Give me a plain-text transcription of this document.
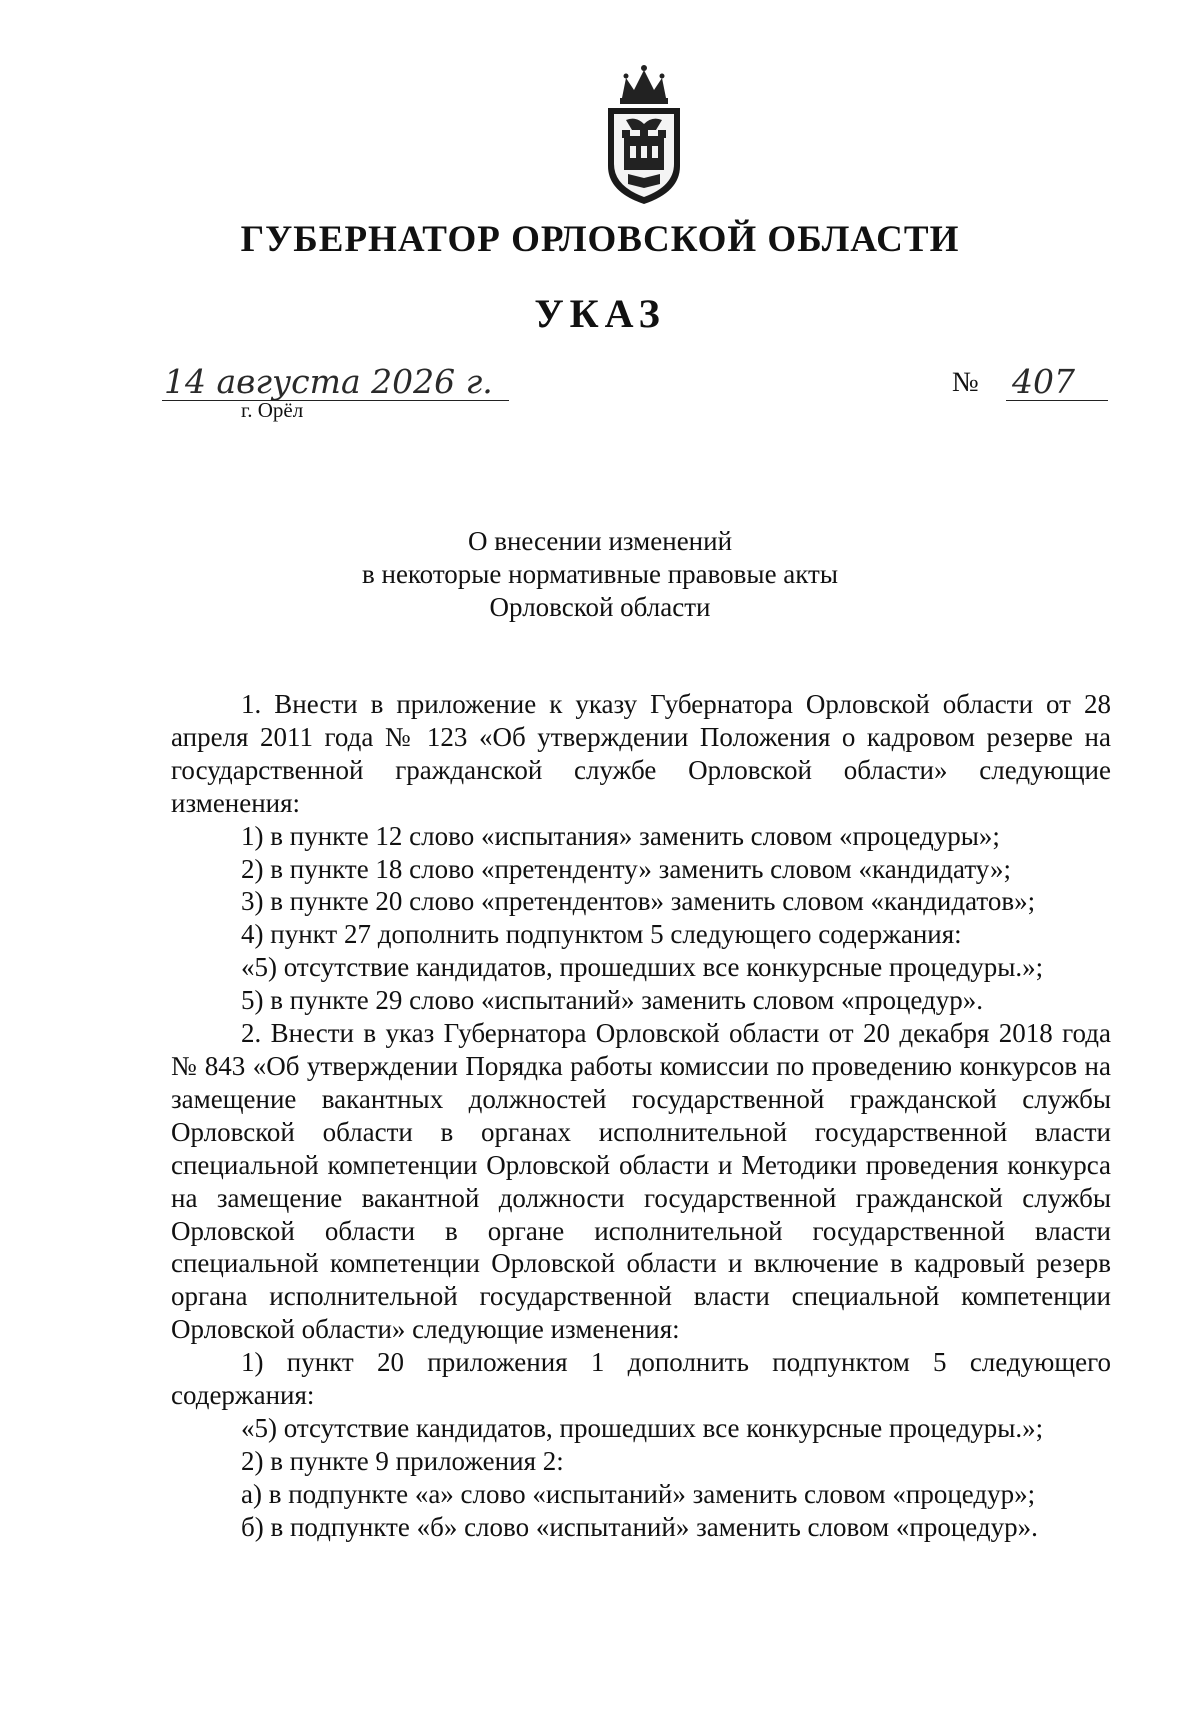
ГУБЕРНАТОР ОРЛОВСКОЙ ОБЛАСТИ
УКАЗ
14 августа 2026 г.
г. Орёл
№ 407
О внесении изменений
в некоторые нормативные правовые акты
Орловской области

1. Внести в приложение к указу Губернатора Орловской области от 28 апреля 2011 года № 123 «Об утверждении Положения о кадровом резерве на государственной гражданской службе Орловской области» следующие изменения:

1) в пункте 12 слово «испытания» заменить словом «процедуры»;

2) в пункте 18 слово «претенденту» заменить словом «кандидату»;

3) в пункте 20 слово «претендентов» заменить словом «кандидатов»;

4) пункт 27 дополнить подпунктом 5 следующего содержания:

«5) отсутствие кандидатов, прошедших все конкурсные процедуры.»;

5) в пункте 29 слово «испытаний» заменить словом «процедур».

2. Внести в указ Губернатора Орловской области от 20 декабря 2018 года № 843 «Об утверждении Порядка работы комиссии по проведению конкурсов на замещение вакантных должностей государственной гражданской службы Орловской области в органах исполнительной государственной власти специальной компетенции Орловской области и Методики проведения конкурса на замещение вакантной должности государственной гражданской службы Орловской области в органе исполнительной государственной власти специальной компетенции Орловской области и включение в кадровый резерв органа исполнительной государственной власти специальной компетенции Орловской области» следующие изменения:

1) пункт 20 приложения 1 дополнить подпунктом 5 следующего содержания:

«5) отсутствие кандидатов, прошедших все конкурсные процедуры.»;

2) в пункте 9 приложения 2:

а) в подпункте «а» слово «испытаний» заменить словом «процедур»;

б) в подпункте «б» слово «испытаний» заменить словом «процедур».
